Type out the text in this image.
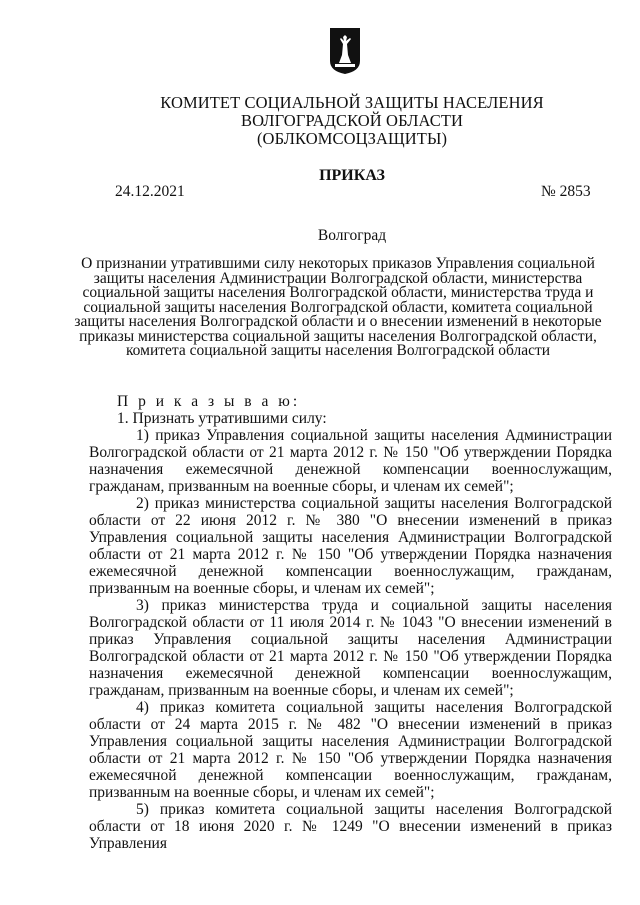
КОМИТЕТ СОЦИАЛЬНОЙ ЗАЩИТЫ НАСЕЛЕНИЯ
ВОЛГОГРАДСКОЙ ОБЛАСТИ
(ОБЛКОМСОЦЗАЩИТЫ)
ПРИКАЗ
24.12.2021	№ 2853
Волгоград
О признании утратившими силу некоторых приказов Управления социальной защиты населения Администрации Волгоградской области, министерства социальной защиты населения Волгоградской области, министерства труда и социальной защиты населения Волгоградской области, комитета социальной защиты населения Волгоградской области и о внесении изменений в некоторые приказы министерства социальной защиты населения Волгоградской области, комитета социальной защиты населения Волгоградской области
П р и к а з ы в а ю:
1. Признать утратившими силу:
1) приказ Управления социальной защиты населения Администрации Волгоградской области от 21 марта 2012 г. № 150 "Об утверждении Порядка назначения ежемесячной денежной компенсации военнослужащим, гражданам, призванным на военные сборы, и членам их семей";
2) приказ министерства социальной защиты населения Волгоградской области от 22 июня 2012 г. № 380 "О внесении изменений в приказ Управления социальной защиты населения Администрации Волгоградской области от 21 марта 2012 г. № 150 "Об утверждении Порядка назначения ежемесячной денежной компенсации военнослужащим, гражданам, призванным на военные сборы, и членам их семей";
3) приказ министерства труда и социальной защиты населения Волгоградской области от 11 июля 2014 г. № 1043 "О внесении изменений в приказ Управления социальной защиты населения Администрации Волгоградской области от 21 марта 2012 г. № 150 "Об утверждении Порядка назначения ежемесячной денежной компенсации военнослужащим, гражданам, призванным на военные сборы, и членам их семей";
4) приказ комитета социальной защиты населения Волгоградской области от 24 марта 2015 г. № 482 "О внесении изменений в приказ Управления социальной защиты населения Администрации Волгоградской области от 21 марта 2012 г. № 150 "Об утверждении Порядка назначения ежемесячной денежной компенсации военнослужащим, гражданам, призванным на военные сборы, и членам их семей";
5) приказ комитета социальной защиты населения Волгоградской области от 18 июня 2020 г. № 1249 "О внесении изменений в приказ Управления
